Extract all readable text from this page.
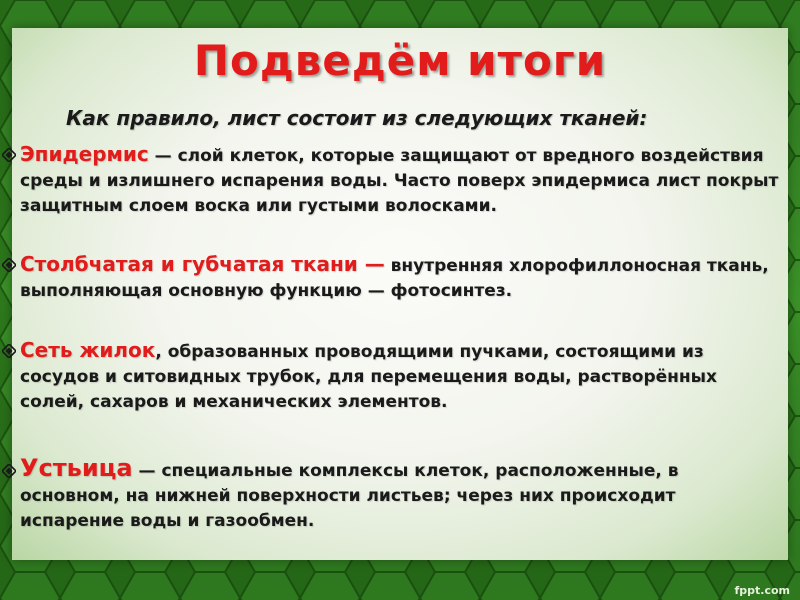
Подведём итоги
Как правило, лист состоит из следующих тканей:
Эпидермис — слой клеток, которые защищают от вредного воздействия среды и излишнего испарения воды. Часто поверх эпидермиса лист покрыт защитным слоем воска или густыми волосками.
Столбчатая и губчатая ткани — внутренняя хлорофиллоносная ткань, выполняющая основную функцию — фотосинтез.
Сеть жилок, образованных проводящими пучками, состоящими из сосудов и ситовидных трубок, для перемещения воды, растворённых солей, сахаров и механических элементов.
Устьица — специальные комплексы клеток, расположенные, в основном, на нижней поверхности листьев; через них происходит испарение воды и газообмен.
fppt.com
